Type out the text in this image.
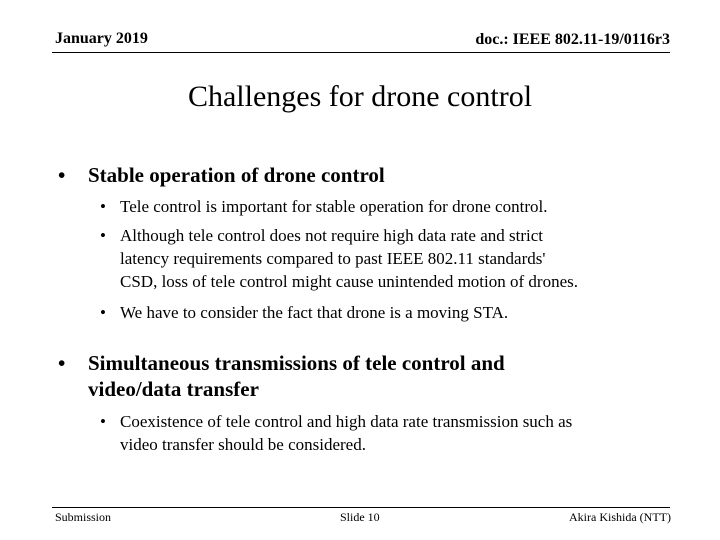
January 2019	doc.: IEEE 802.11-19/0116r3
Challenges for drone control
• Stable operation of drone control
• Tele control is important for stable operation for drone control.
• Although tele control does not require high data rate and strict
latency requirements compared to past IEEE 802.11 standards'
CSD, loss of tele control might cause unintended motion of drones.
• We have to consider the fact that drone is a moving STA.
• Simultaneous transmissions of tele control and
video/data transfer
• Coexistence of tele control and high data rate transmission such as
video transfer should be considered.
Submission	Slide 10	Akira Kishida (NTT)
